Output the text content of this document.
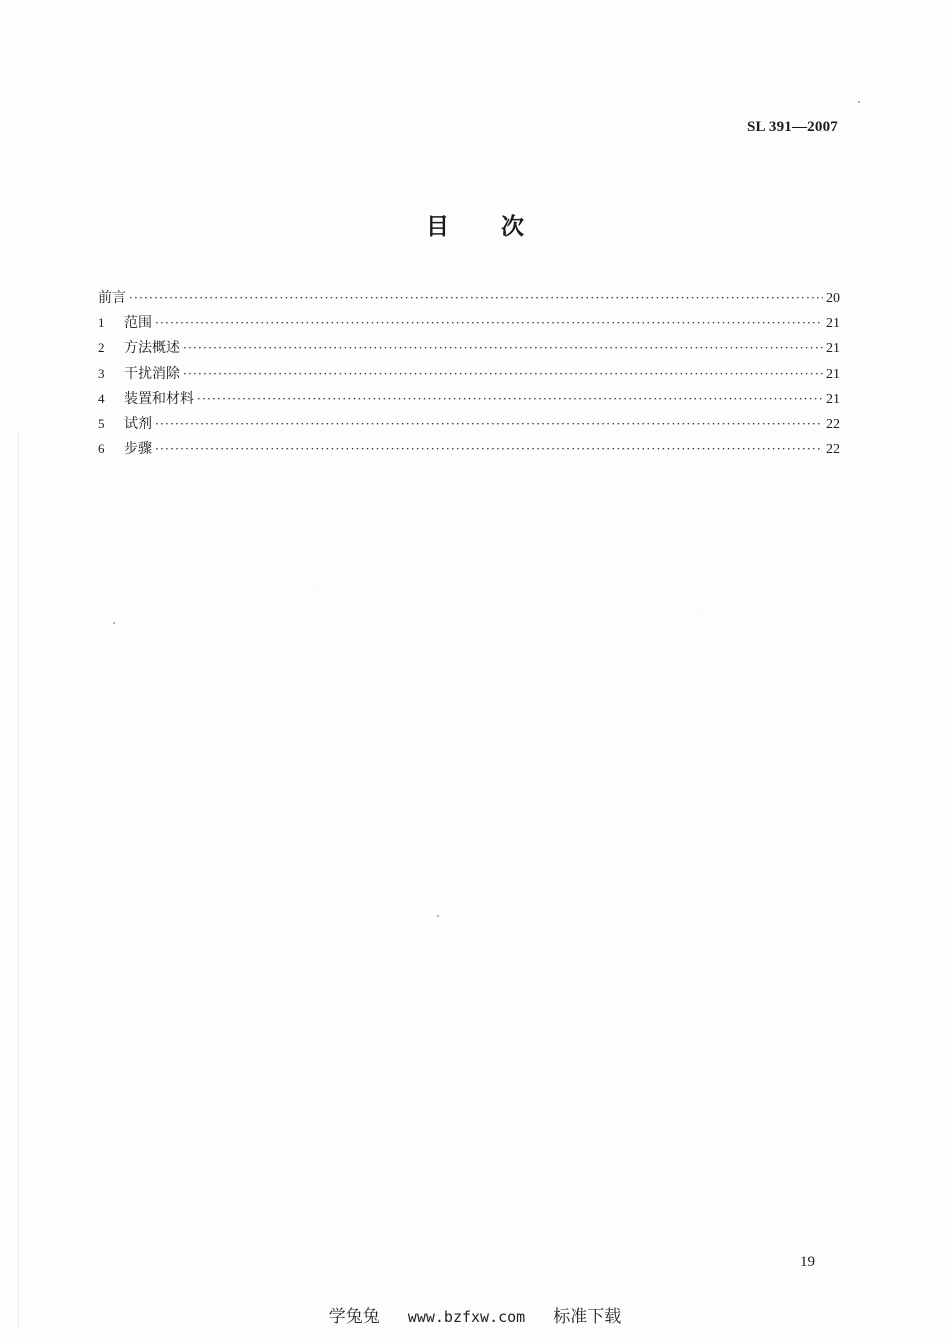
SL 391—2007
目 次
前言 ·····	20
1	范围 ·····	21
2	方法概述 ·····	21
3	干扰消除 ·····	21
4	装置和材料 ·····	21
5	试剂 ·····	22
6	步骤 ·····	22
19
学兔兔 www.bzfxw.com 标准下载
